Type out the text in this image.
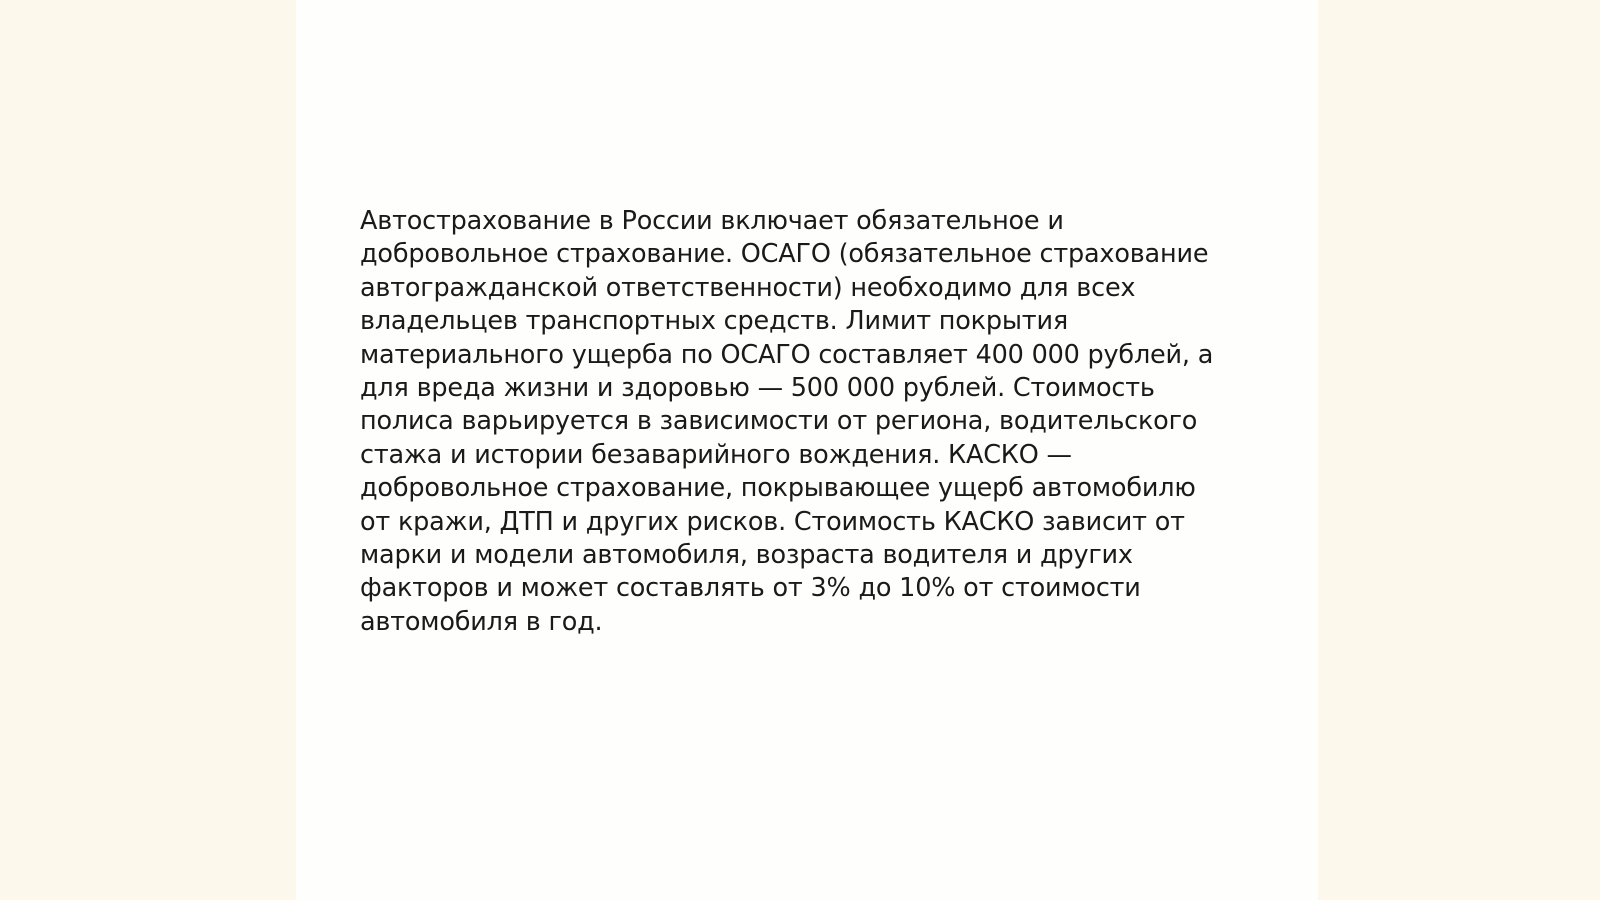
Автострахование в России включает обязательное и
добровольное страхование. ОСАГО (обязательное страхование
автогражданской ответственности) необходимо для всех
владельцев транспортных средств. Лимит покрытия
материального ущерба по ОСАГО составляет 400 000 рублей, а
для вреда жизни и здоровью — 500 000 рублей. Стоимость
полиса варьируется в зависимости от региона, водительского
стажа и истории безаварийного вождения. КАСКО —
добровольное страхование, покрывающее ущерб автомобилю
от кражи, ДТП и других рисков. Стоимость КАСКО зависит от
марки и модели автомобиля, возраста водителя и других
факторов и может составлять от 3% до 10% от стоимости
автомобиля в год.
